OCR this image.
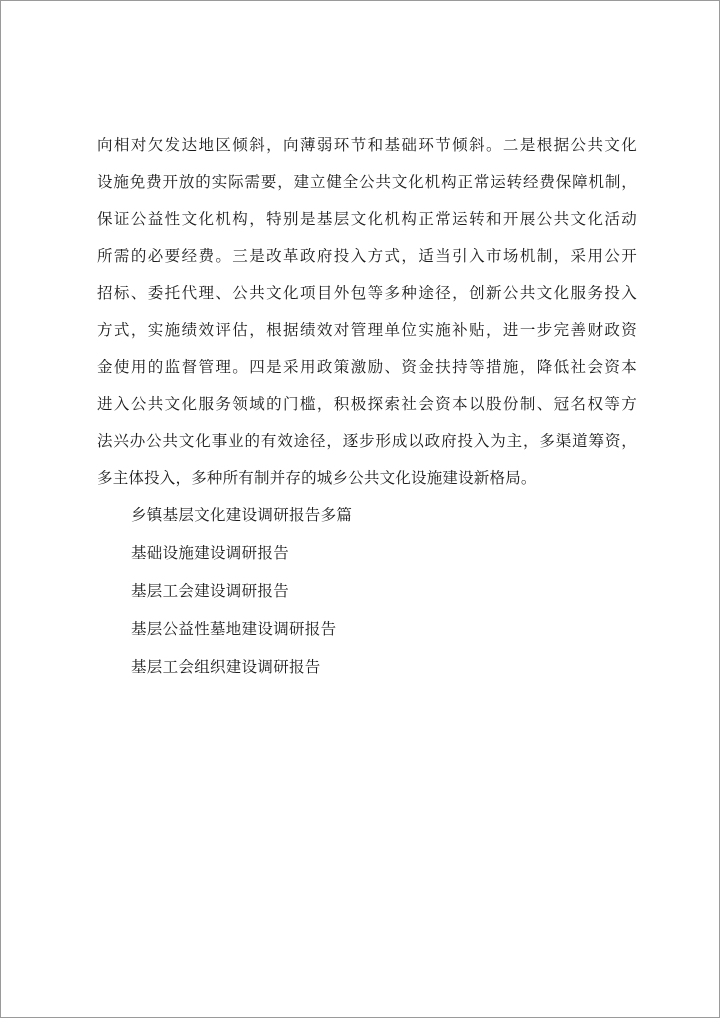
向相对欠发达地区倾斜，向薄弱环节和基础环节倾斜。二是根据公共文化
设施免费开放的实际需要，建立健全公共文化机构正常运转经费保障机制，
保证公益性文化机构，特别是基层文化机构正常运转和开展公共文化活动
所需的必要经费。三是改革政府投入方式，适当引入市场机制，采用公开
招标、委托代理、公共文化项目外包等多种途径，创新公共文化服务投入
方式，实施绩效评估，根据绩效对管理单位实施补贴，进一步完善财政资
金使用的监督管理。四是采用政策激励、资金扶持等措施，降低社会资本
进入公共文化服务领域的门槛，积极探索社会资本以股份制、冠名权等方
法兴办公共文化事业的有效途径，逐步形成以政府投入为主，多渠道筹资，
多主体投入，多种所有制并存的城乡公共文化设施建设新格局。
乡镇基层文化建设调研报告多篇
基础设施建设调研报告
基层工会建设调研报告
基层公益性墓地建设调研报告
基层工会组织建设调研报告
